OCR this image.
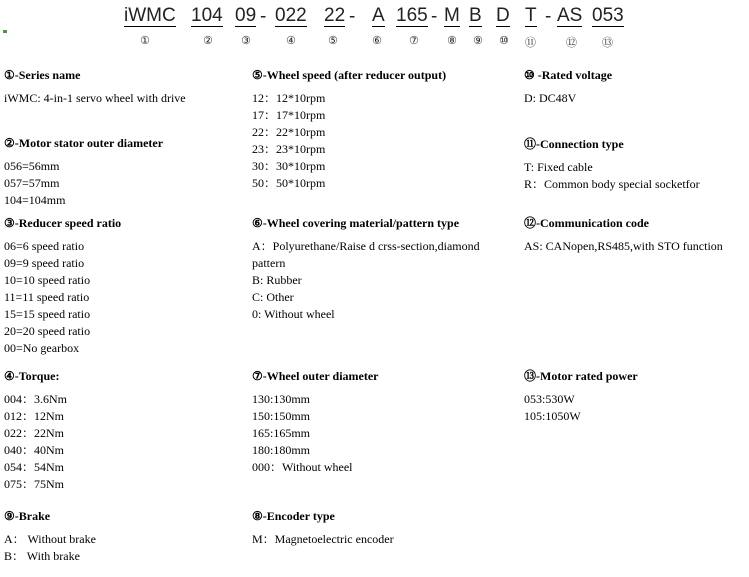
iWMC 104 09 - 022 22 - A 165 - M B D T - AS 053
①	②	③	④	⑤	⑥ ⑦	⑧ ⑨ ⑩ ⑪	⑫ ⑬
①-Series name
iWMC: 4-in-1 servo wheel with drive
②-Motor stator outer diameter
056=56mm
057=57mm
104=104mm
③-Reducer speed ratio
06=6 speed ratio
09=9 speed ratio
10=10 speed ratio
11=11 speed ratio
15=15 speed ratio
20=20 speed ratio
00=No gearbox
④-Torque:
004：3.6Nm
012：12Nm
022：22Nm
040：40Nm
054：54Nm
075：75Nm
⑨-Brake
A： Without brake
B： With brake
⑤-Wheel speed (after reducer output)
12：12*10rpm
17：17*10rpm
22：22*10rpm
23：23*10rpm
30：30*10rpm
50：50*10rpm
⑥-Wheel covering material/pattern type
A：Polyurethane/Raise d crss-section,diamond pattern
B: Rubber
C: Other
0: Without wheel
⑦-Wheel outer diameter
130:130mm
150:150mm
165:165mm
180:180mm
000：Without wheel
⑧-Encoder type
M：Magnetoelectric encoder
⑩ -Rated voltage
D: DC48V
⑪-Connection type
T: Fixed cable
R：Common body special socketfor
⑫-Communication code
AS: CANopen,RS485,with STO function
⑬-Motor rated power
053:530W
105:1050W
